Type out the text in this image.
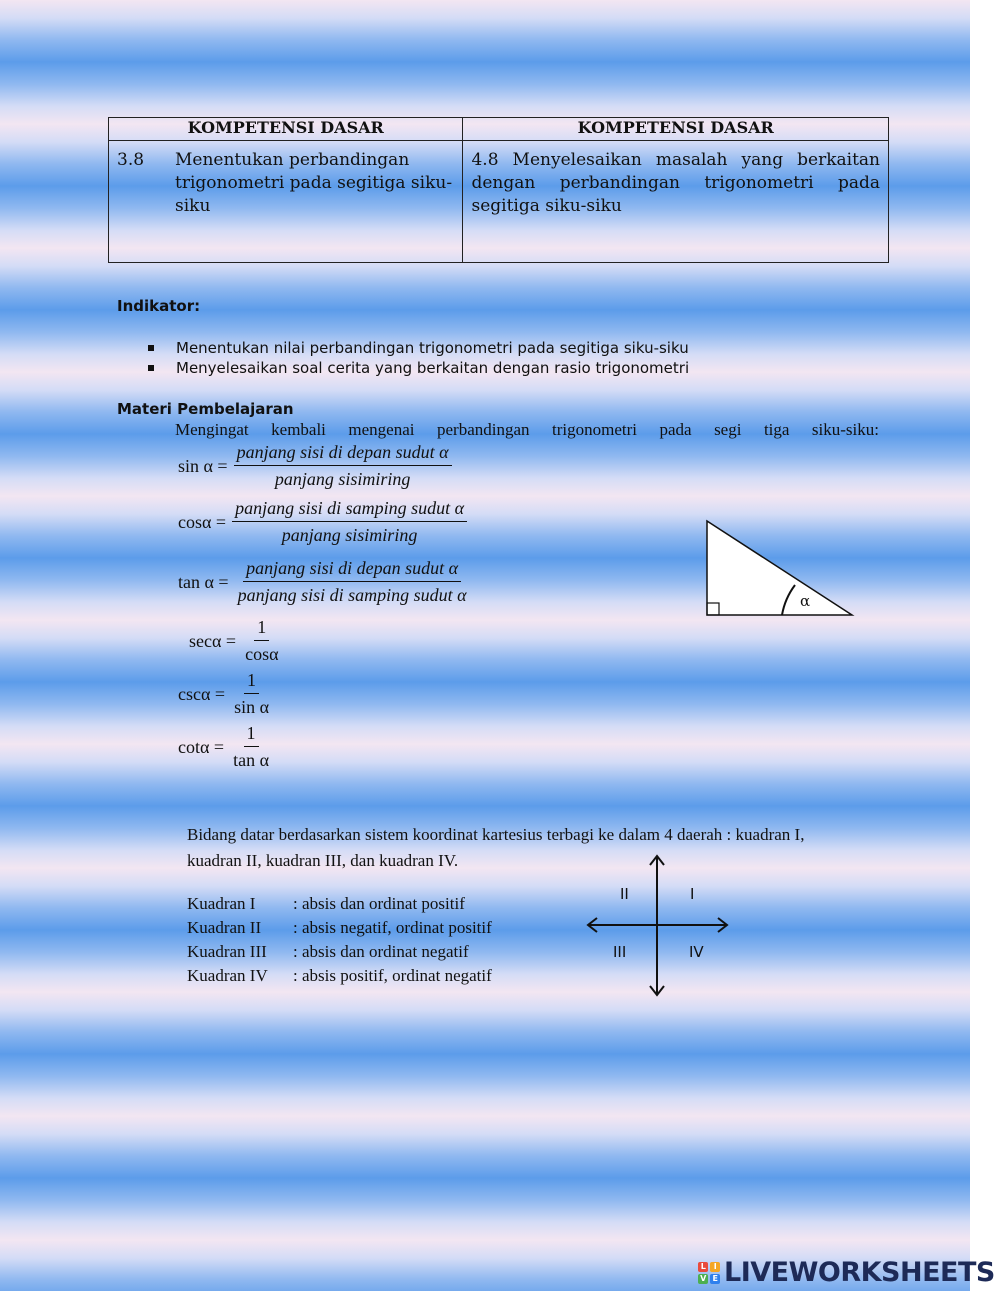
KOMPETENSI DASAR	KOMPETENSI DASAR

3.8 Menentukan perbandingan trigonometri pada segitiga siku-siku	4.8 Menyelesaikan masalah yang berkaitan dengan perbandingan trigonometri pada segitiga siku-siku
Indikator:
Menentukan nilai perbandingan trigonometri pada segitiga siku-siku
Menyelesaikan soal cerita yang berkaitan dengan rasio trigonometri
Materi Pembelajaran
Mengingat kembali mengenai perbandingan trigonometri pada segi tiga siku-siku:
$\sin \alpha = \frac{\text{panjang sisi di depan sudut α}}{\text{panjang sisimiring}}$
$\cos\alpha = \frac{\text{panjang sisi di samping sudut α}}{\text{panjang sisimiring}}$
$\tan \alpha = \frac{\text{panjang sisi di depan sudut α}}{\text{panjang sisi di samping sudut α}}$
$\sec\alpha = \frac{1}{\cos\alpha}$
$\csc\alpha = \frac{1}{\text{sin α}}$
$\cot\alpha = \frac{1}{\text{tan α}}$
α
Bidang datar berdasarkan sistem koordinat kartesius terbagi ke dalam 4 daerah : kuadran I, kuadran II, kuadran III, dan kuadran IV.
Kuadran I	: absis dan ordinat positif
Kuadran II	: absis negatif, ordinat positif
Kuadran III	: absis dan ordinat negatif
Kuadran IV	: absis positif, ordinat negatif
II	I
III	IV
L	I
V E LIVEWORKSHEETS
